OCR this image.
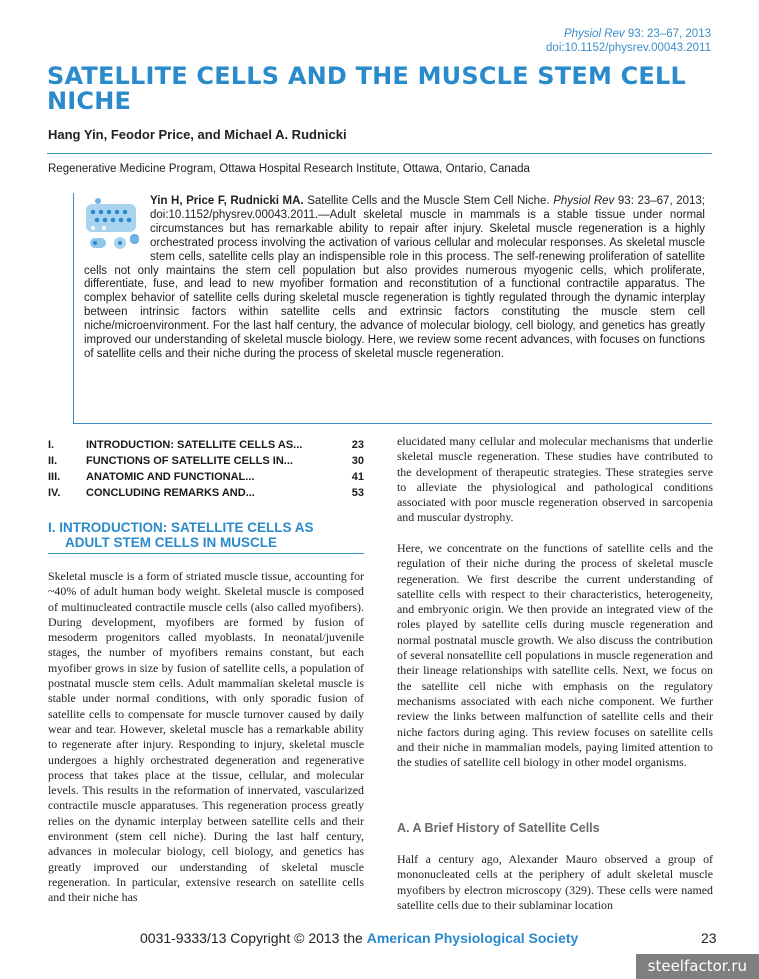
Physiol Rev 93: 23–67, 2013
doi:10.1152/physrev.00043.2011
SATELLITE CELLS AND THE MUSCLE STEM CELL NICHE
Hang Yin, Feodor Price, and Michael A. Rudnicki
Regenerative Medicine Program, Ottawa Hospital Research Institute, Ottawa, Ontario, Canada
Yin H, Price F, Rudnicki MA. Satellite Cells and the Muscle Stem Cell Niche. Physiol Rev 93: 23–67, 2013; doi:10.1152/physrev.00043.2011.—Adult skeletal muscle in mammals is a stable tissue under normal circumstances but has remarkable ability to repair after injury. Skeletal muscle regeneration is a highly orchestrated process involving the activation of various cellular and molecular responses. As skeletal muscle stem cells, satellite cells play an indispensible role in this process. The self-renewing proliferation of satellite cells not only maintains the stem cell population but also provides numerous myogenic cells, which proliferate, differentiate, fuse, and lead to new myofiber formation and reconstitution of a functional contractile apparatus. The complex behavior of satellite cells during skeletal muscle regeneration is tightly regulated through the dynamic interplay between intrinsic factors within satellite cells and extrinsic factors constituting the muscle stem cell niche/microenvironment. For the last half century, the advance of molecular biology, cell biology, and genetics has greatly improved our understanding of skeletal muscle biology. Here, we review some recent advances, with focuses on functions of satellite cells and their niche during the process of skeletal muscle regeneration.
I.	INTRODUCTION: SATELLITE CELLS AS...	23
II.	FUNCTIONS OF SATELLITE CELLS IN...	30
III.	ANATOMIC AND FUNCTIONAL...	41
IV.	CONCLUDING REMARKS AND...	53
I. INTRODUCTION: SATELLITE CELLS AS
ADULT STEM CELLS IN MUSCLE

Skeletal muscle is a form of striated muscle tissue, accounting for ~40% of adult human body weight. Skeletal muscle is composed of multinucleated contractile muscle cells (also called myofibers). During development, myofibers are formed by fusion of mesoderm progenitors called myoblasts. In neonatal/juvenile stages, the number of myofibers remains constant, but each myofiber grows in size by fusion of satellite cells, a population of postnatal muscle stem cells. Adult mammalian skeletal muscle is stable under normal conditions, with only sporadic fusion of satellite cells to compensate for muscle turnover caused by daily wear and tear. However, skeletal muscle has a remarkable ability to regenerate after injury. Responding to injury, skeletal muscle undergoes a highly orchestrated degeneration and regenerative process that takes place at the tissue, cellular, and molecular levels. This results in the reformation of innervated, vascularized contractile muscle apparatuses. This regeneration process greatly relies on the dynamic interplay between satellite cells and their environment (stem cell niche). During the last half century, advances in molecular biology, cell biology, and genetics has greatly improved our understanding of skeletal muscle regeneration. In particular, extensive research on satellite cells and their niche has

elucidated many cellular and molecular mechanisms that underlie skeletal muscle regeneration. These studies have contributed to the development of therapeutic strategies. These strategies serve to alleviate the physiological and pathological conditions associated with poor muscle regeneration observed in sarcopenia and muscular dystrophy.

Here, we concentrate on the functions of satellite cells and the regulation of their niche during the process of skeletal muscle regeneration. We first describe the current understanding of satellite cells with respect to their characteristics, heterogeneity, and embryonic origin. We then provide an integrated view of the roles played by satellite cells during muscle regeneration and normal postnatal muscle growth. We also discuss the contribution of several nonsatellite cell populations in muscle regeneration and their lineage relationships with satellite cells. Next, we focus on the satellite cell niche with emphasis on the regulatory mechanisms associated with each niche component. We further review the links between malfunction of satellite cells and their niche factors during aging. This review focuses on satellite cells and their niche in mammalian models, paying limited attention to the studies of satellite cell biology in other model organisms.

A. A Brief History of Satellite Cells

Half a century ago, Alexander Mauro observed a group of mononucleated cells at the periphery of adult skeletal muscle myofibers by electron microscopy (329). These cells were named satellite cells due to their sublaminar location

0031-9333/13 Copyright © 2013 the American Physiological Society	23
steelfactor.ru
